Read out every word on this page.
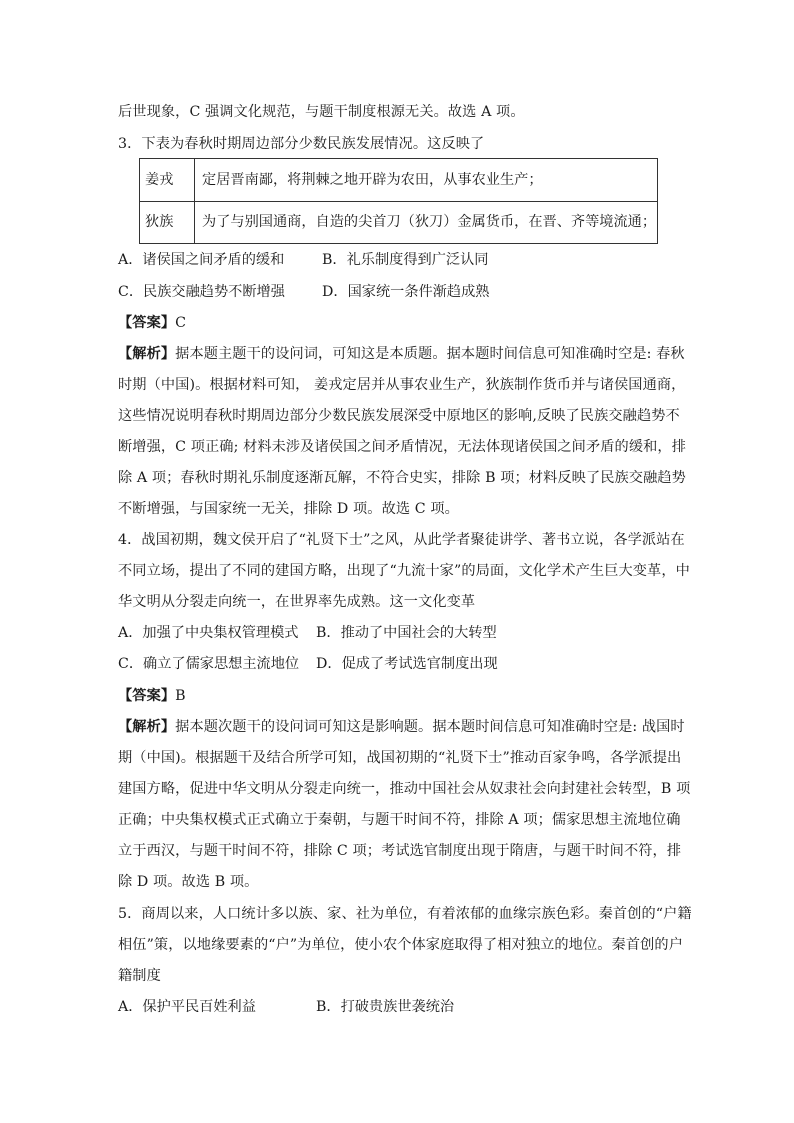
后世现象，C 强调文化规范，与题干制度根源无关。故选 A 项。
3．下表为春秋时期周边部分少数民族发展情况。这反映了
姜戎 定居晋南鄙，将荆棘之地开辟为农田，从事农业生产；
狄族 为了与别国通商，自造的尖首刀（狄刀）金属货币，在晋、齐等境流通；
A．诸侯国之间矛盾的缓和	B．礼乐制度得到广泛认同
C．民族交融趋势不断增强	D．国家统一条件渐趋成熟
【答案】C
【解析】据本题主题干的设问词，可知这是本质题。据本题时间信息可知准确时空是: 春秋
时期（中国)。根据材料可知， 姜戎定居并从事农业生产，狄族制作货币并与诸侯国通商，
这些情况说明春秋时期周边部分少数民族发展深受中原地区的影响,反映了民族交融趋势不
断增强，C 项正确; 材料未涉及诸侯国之间矛盾情况，无法体现诸侯国之间矛盾的缓和，排
除 A 项；春秋时期礼乐制度逐渐瓦解，不符合史实，排除 B 项；材料反映了民族交融趋势
不断增强，与国家统一无关，排除 D 项。故选 C 项。
4．战国初期，魏文侯开启了“礼贤下士”之风，从此学者聚徒讲学、著书立说，各学派站在
不同立场，提出了不同的建国方略，出现了“九流十家”的局面，文化学术产生巨大变革，中
华文明从分裂走向统一，在世界率先成熟。这一文化变革
A．加强了中央集权管理模式 B．推动了中国社会的大转型
C．确立了儒家思想主流地位 D．促成了考试选官制度出现
【答案】B
【解析】据本题次题干的设问词可知这是影响题。据本题时间信息可知准确时空是: 战国时
期（中国)。根据题干及结合所学可知，战国初期的“礼贤下士”推动百家争鸣，各学派提出
建国方略，促进中华文明从分裂走向统一，推动中国社会从奴隶社会向封建社会转型，B 项
正确；中央集权模式正式确立于秦朝，与题干时间不符，排除 A 项；儒家思想主流地位确
立于西汉，与题干时间不符，排除 C 项；考试选官制度出现于隋唐，与题干时间不符，排
除 D 项。故选 B 项。
5．商周以来，人口统计多以族、家、社为单位，有着浓郁的血缘宗族色彩。秦首创的“户籍
相伍”策，以地缘要素的“户”为单位，使小农个体家庭取得了相对独立的地位。秦首创的户
籍制度
A．保护平民百姓利益	B．打破贵族世袭统治
